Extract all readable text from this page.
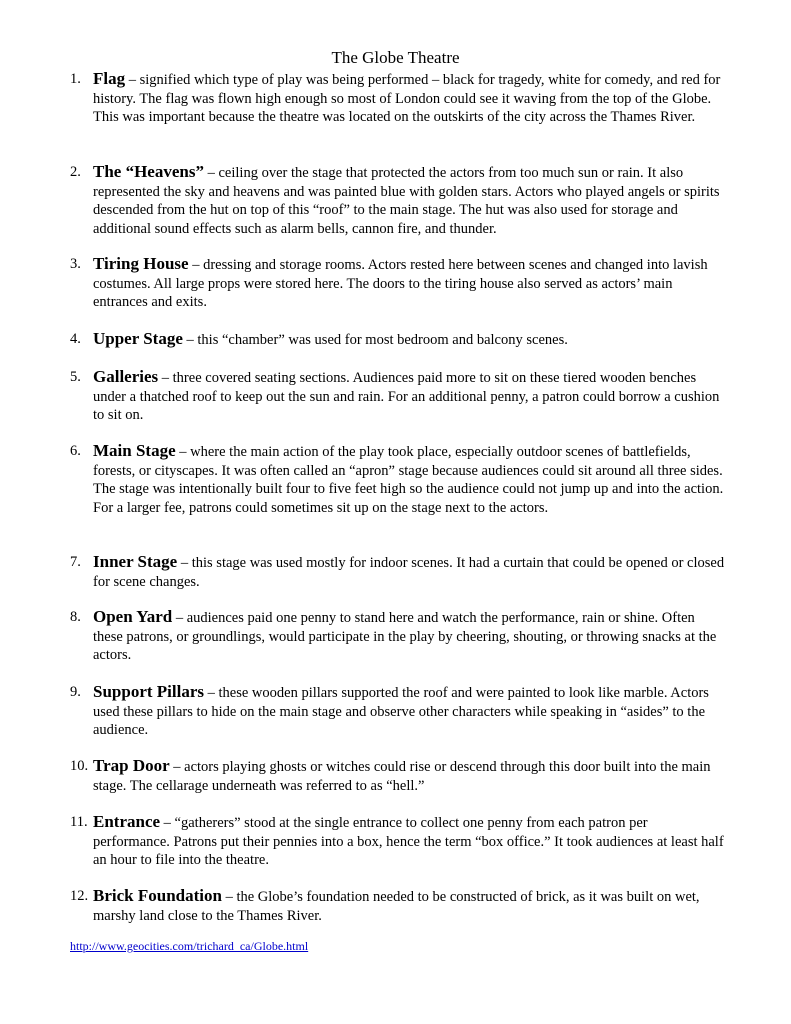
The Globe Theatre
1. Flag – signified which type of play was being performed – black for tragedy, white for comedy, and red for history. The flag was flown high enough so most of London could see it waving from the top of the Globe. This was important because the theatre was located on the outskirts of the city across the Thames River.
2. The “Heavens” – ceiling over the stage that protected the actors from too much sun or rain. It also represented the sky and heavens and was painted blue with golden stars. Actors who played angels or spirits descended from the hut on top of this “roof” to the main stage. The hut was also used for storage and additional sound effects such as alarm bells, cannon fire, and thunder.
3. Tiring House – dressing and storage rooms. Actors rested here between scenes and changed into lavish costumes. All large props were stored here. The doors to the tiring house also served as actors’ main entrances and exits.
4. Upper Stage – this “chamber” was used for most bedroom and balcony scenes.
5. Galleries – three covered seating sections. Audiences paid more to sit on these tiered wooden benches under a thatched roof to keep out the sun and rain. For an additional penny, a patron could borrow a cushion to sit on.
6. Main Stage – where the main action of the play took place, especially outdoor scenes of battlefields, forests, or cityscapes. It was often called an “apron” stage because audiences could sit around all three sides. The stage was intentionally built four to five feet high so the audience could not jump up and into the action. For a larger fee, patrons could sometimes sit up on the stage next to the actors.
7. Inner Stage – this stage was used mostly for indoor scenes. It had a curtain that could be opened or closed for scene changes.
8. Open Yard – audiences paid one penny to stand here and watch the performance, rain or shine. Often these patrons, or groundlings, would participate in the play by cheering, shouting, or throwing snacks at the actors.
9. Support Pillars – these wooden pillars supported the roof and were painted to look like marble. Actors used these pillars to hide on the main stage and observe other characters while speaking in “asides” to the audience.
10. Trap Door – actors playing ghosts or witches could rise or descend through this door built into the main stage. The cellarage underneath was referred to as “hell.”
11. Entrance – “gatherers” stood at the single entrance to collect one penny from each patron per performance. Patrons put their pennies into a box, hence the term “box office.” It took audiences at least half an hour to file into the theatre.
12. Brick Foundation – the Globe’s foundation needed to be constructed of brick, as it was built on wet, marshy land close to the Thames River.
http://www.geocities.com/trichard_ca/Globe.html
